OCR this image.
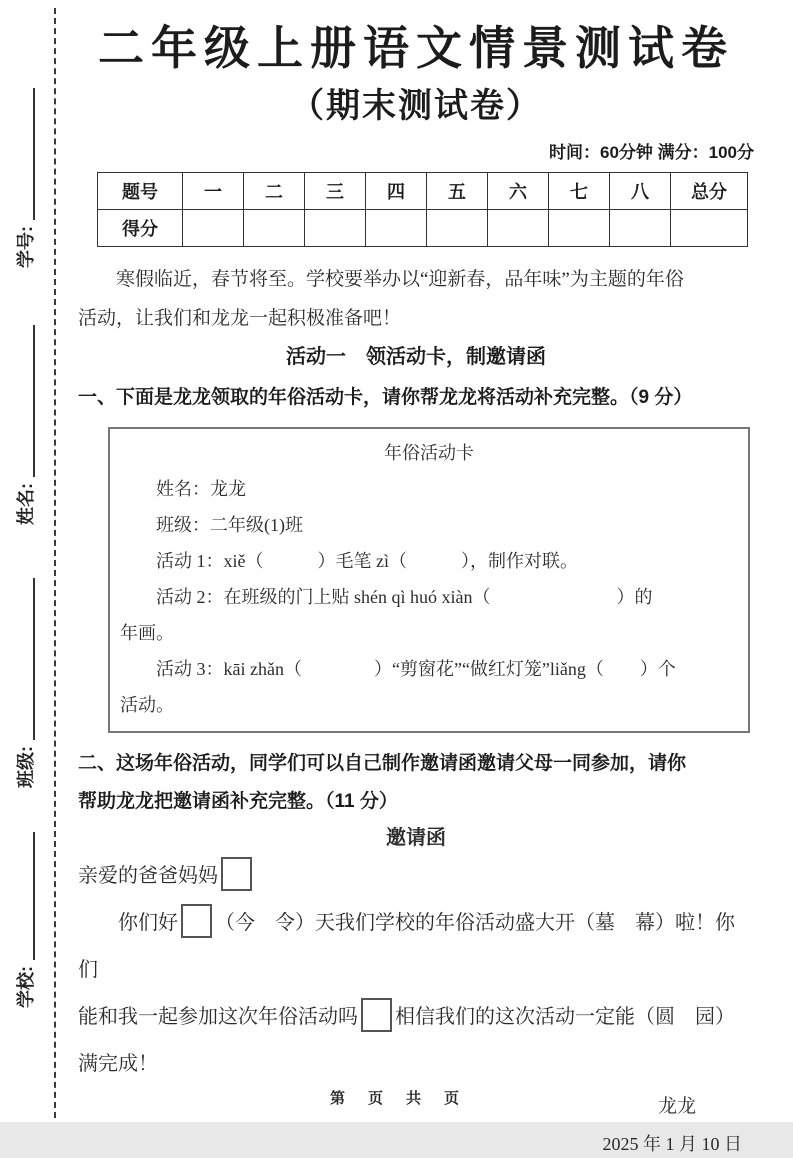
学号:
姓名:
班级:
学校:
二年级上册语文情景测试卷
（期末测试卷）
时间：60分钟 满分：100分
题号	一	二	三	四	五	六	七	八	总分
得分									
寒假临近，春节将至。学校要举办以“迎新春，品年味”为主题的年俗
活动，让我们和龙龙一起积极准备吧！
活动一　领活动卡，制邀请函
一、下面是龙龙领取的年俗活动卡，请你帮龙龙将活动补充完整。（9 分）
年俗活动卡
姓名：龙龙
班级：二年级(1)班
活动 1：xiě（　　　）毛笔 zì（　　　），制作对联。
活动 2：在班级的门上贴 shén qì huó xiàn（　　　　　　　）的
年画。
活动 3：kāi zhǎn（　　　　）“剪窗花”“做红灯笼”liǎng（　　）个
活动。
二、这场年俗活动，同学们可以自己制作邀请函邀请父母一同参加，请你
帮助龙龙把邀请函补充完整。（11 分）
邀请函
亲爱的爸爸妈妈
你们好 （今　令）天我们学校的年俗活动盛大开（墓　幕）啦！你们
能和我一起参加这次年俗活动吗 相信我们的这次活动一定能（圆　园）
满完成！
龙龙
2025 年 1 月 10 日
第　页　共　页
